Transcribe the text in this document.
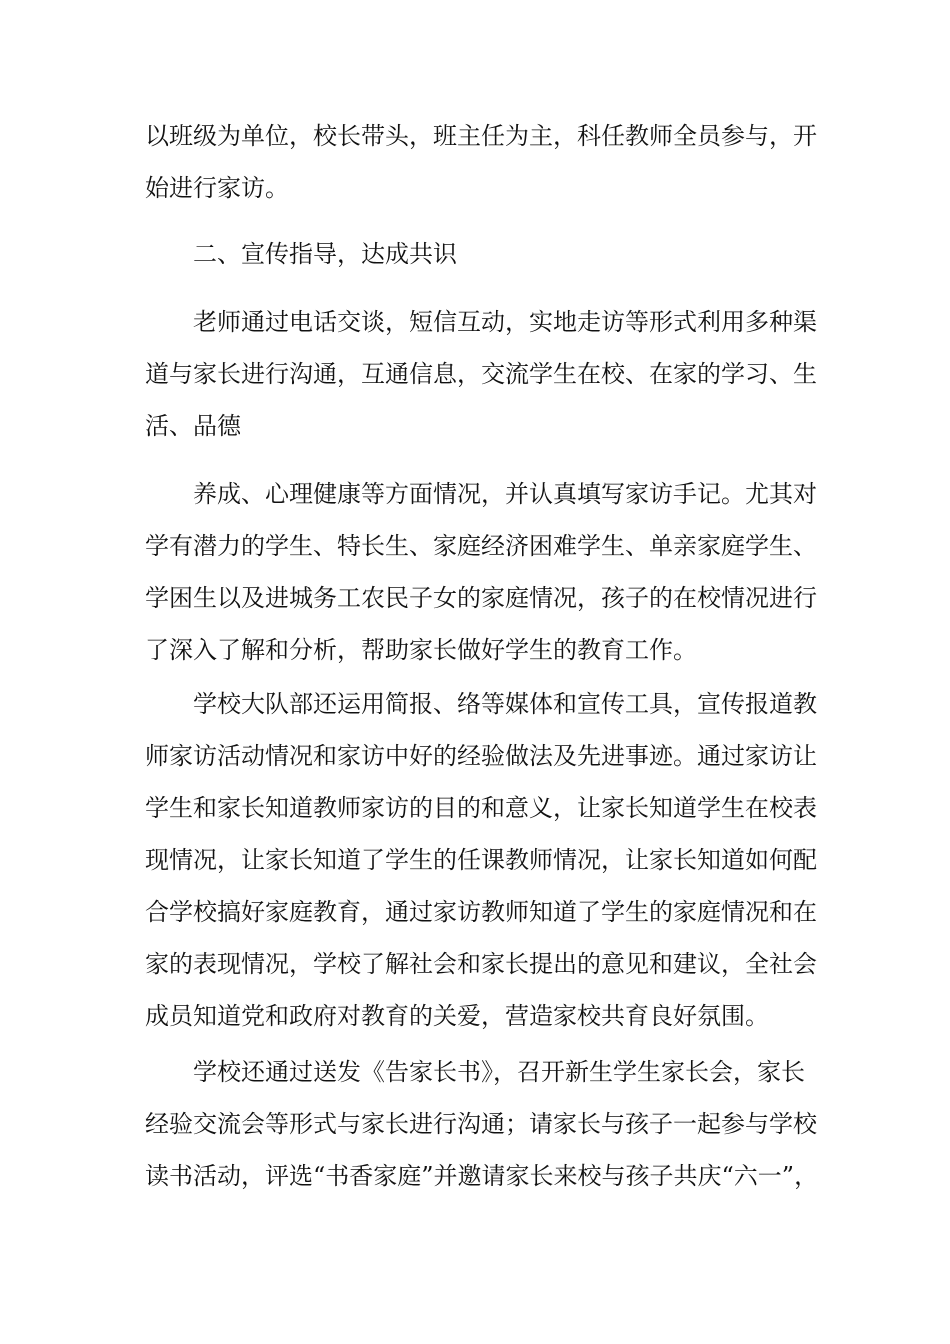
以班级为单位，校长带头，班主任为主，科任教师全员参与，开
始进行家访。
二、宣传指导，达成共识
老师通过电话交谈，短信互动，实地走访等形式利用多种渠
道与家长进行沟通，互通信息，交流学生在校、在家的学习、生
活、品德
养成、心理健康等方面情况，并认真填写家访手记。尤其对
学有潜力的学生、特长生、家庭经济困难学生、单亲家庭学生、
学困生以及进城务工农民子女的家庭情况，孩子的在校情况进行
了深入了解和分析，帮助家长做好学生的教育工作。
学校大队部还运用简报、络等媒体和宣传工具，宣传报道教
师家访活动情况和家访中好的经验做法及先进事迹。通过家访让
学生和家长知道教师家访的目的和意义，让家长知道学生在校表
现情况，让家长知道了学生的任课教师情况，让家长知道如何配
合学校搞好家庭教育，通过家访教师知道了学生的家庭情况和在
家的表现情况，学校了解社会和家长提出的意见和建议，全社会
成员知道党和政府对教育的关爱，营造家校共育良好氛围。
学校还通过送发《告家长书》，召开新生学生家长会，家长
经验交流会等形式与家长进行沟通；请家长与孩子一起参与学校
读书活动，评选“书香家庭”并邀请家长来校与孩子共庆“六一”，
